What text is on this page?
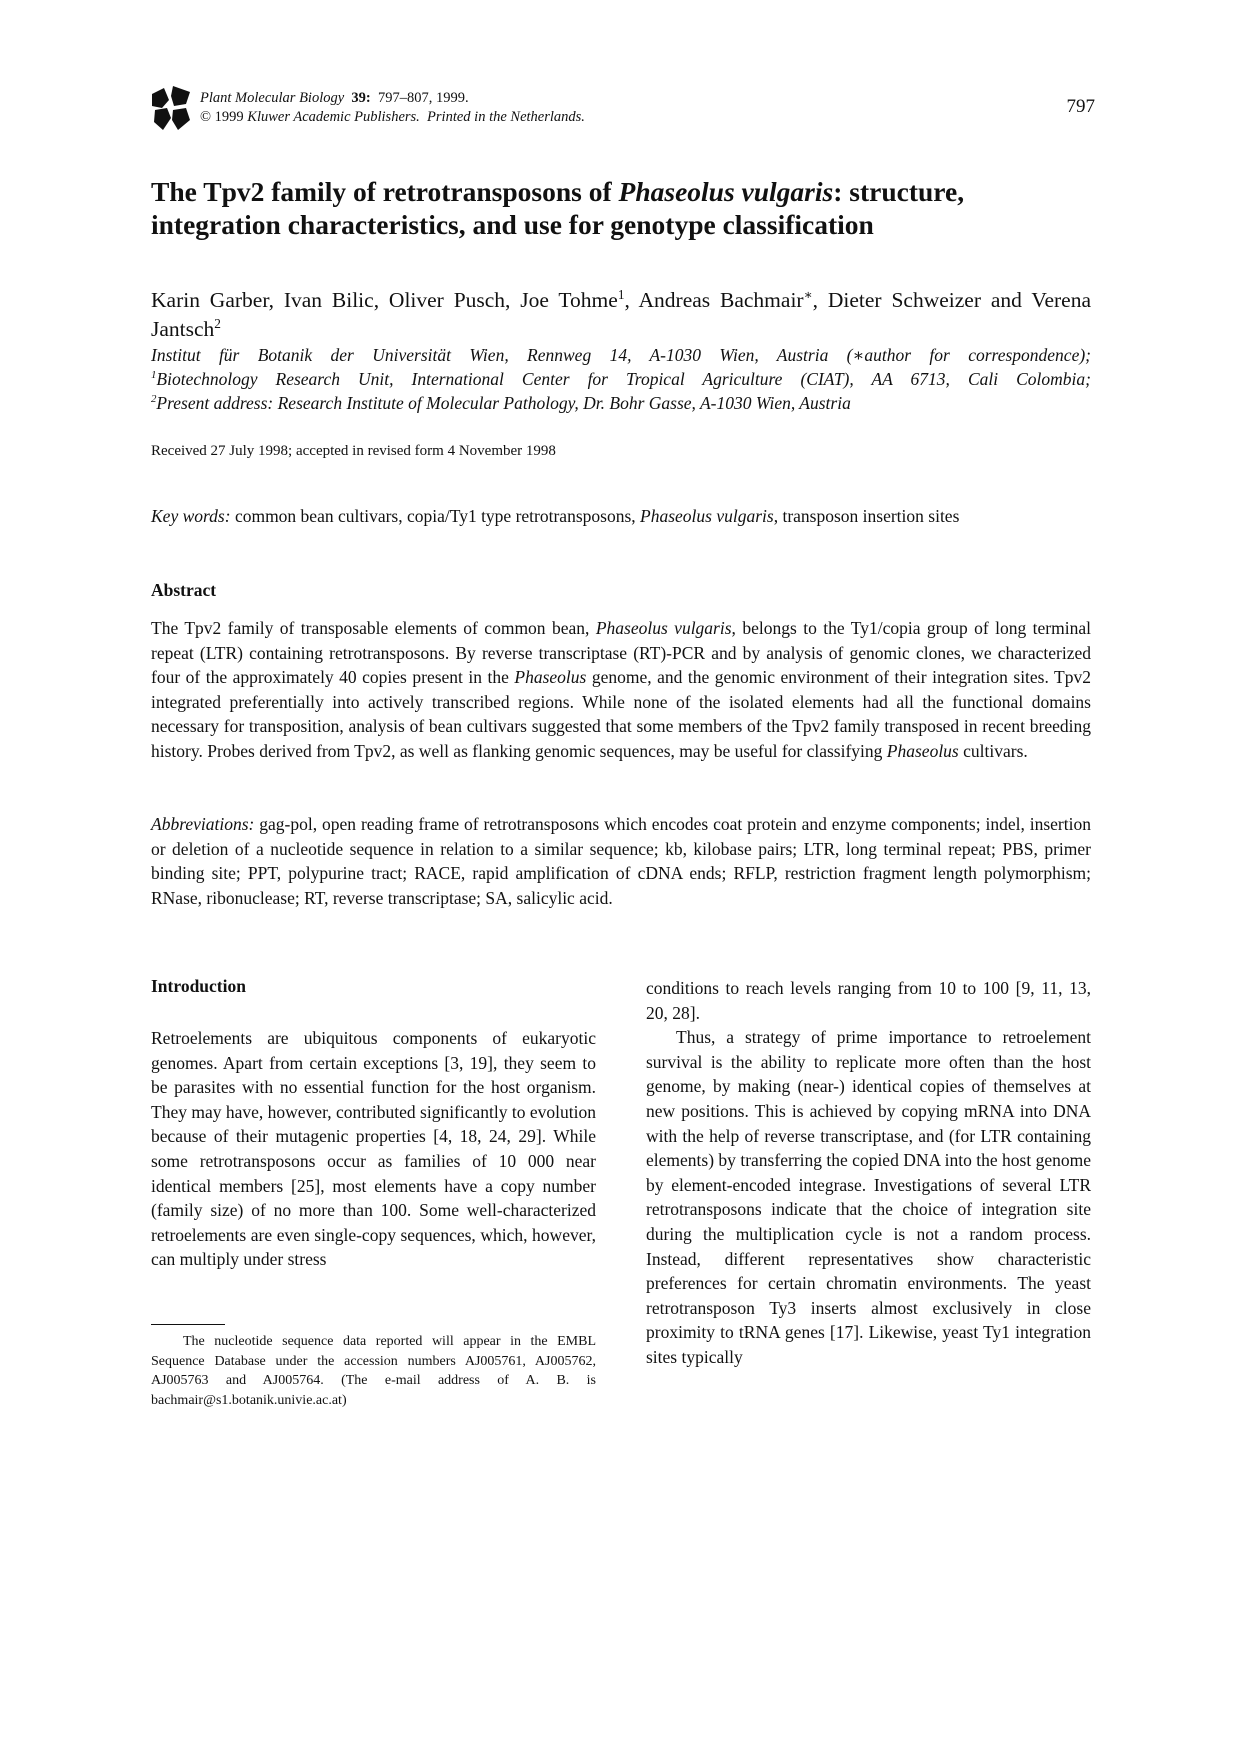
Plant Molecular Biology 39: 797–807, 1999.
© 1999 Kluwer Academic Publishers. Printed in the Netherlands.	797
The Tpv2 family of retrotransposons of Phaseolus vulgaris: structure, integration characteristics, and use for genotype classification
Karin Garber, Ivan Bilic, Oliver Pusch, Joe Tohme$^1$, Andreas Bachmair∗, Dieter Schweizer and Verena Jantsch$^2$
Institut für Botanik der Universität Wien, Rennweg 14, A-1030 Wien, Austria (∗author for correspondence);
$^1$Biotechnology Research Unit, International Center for Tropical Agriculture (CIAT), AA 6713, Cali Colombia;
$^2$Present address: Research Institute of Molecular Pathology, Dr. Bohr Gasse, A-1030 Wien, Austria
Received 27 July 1998; accepted in revised form 4 November 1998
Key words: common bean cultivars, copia/Ty1 type retrotransposons, Phaseolus vulgaris, transposon insertion sites
Abstract
The Tpv2 family of transposable elements of common bean, Phaseolus vulgaris, belongs to the Ty1/copia group of long terminal repeat (LTR) containing retrotransposons. By reverse transcriptase (RT)-PCR and by analysis of genomic clones, we characterized four of the approximately 40 copies present in the Phaseolus genome, and the genomic environment of their integration sites. Tpv2 integrated preferentially into actively transcribed regions. While none of the isolated elements had all the functional domains necessary for transposition, analysis of bean cultivars suggested that some members of the Tpv2 family transposed in recent breeding history. Probes derived from Tpv2, as well as flanking genomic sequences, may be useful for classifying Phaseolus cultivars.
Abbreviations: gag-pol, open reading frame of retrotransposons which encodes coat protein and enzyme components; indel, insertion or deletion of a nucleotide sequence in relation to a similar sequence; kb, kilobase pairs; LTR, long terminal repeat; PBS, primer binding site; PPT, polypurine tract; RACE, rapid amplification of cDNA ends; RFLP, restriction fragment length polymorphism; RNase, ribonuclease; RT, reverse transcriptase; SA, salicylic acid.
Introduction

Retroelements are ubiquitous components of eukaryotic genomes. Apart from certain exceptions [3, 19], they seem to be parasites with no essential function for the host organism. They may have, however, contributed significantly to evolution because of their mutagenic properties [4, 18, 24, 29]. While some retrotransposons occur as families of 10 000 near identical members [25], most elements have a copy number (family size) of no more than 100. Some well-characterized retroelements are even single-copy sequences, which, however, can multiply under stress

conditions to reach levels ranging from 10 to 100 [9, 11, 13, 20, 28].

Thus, a strategy of prime importance to retroelement survival is the ability to replicate more often than the host genome, by making (near-) identical copies of themselves at new positions. This is achieved by copying mRNA into DNA with the help of reverse transcriptase, and (for LTR containing elements) by transferring the copied DNA into the host genome by element-encoded integrase. Investigations of several LTR retrotransposons indicate that the choice of integration site during the multiplication cycle is not a random process. Instead, different representatives show characteristic preferences for certain chromatin environments. The yeast retrotransposon Ty3 inserts almost exclusively in close proximity to tRNA genes [17]. Likewise, yeast Ty1 integration sites typically

The nucleotide sequence data reported will appear in the EMBL Sequence Database under the accession numbers AJ005761, AJ005762, AJ005763 and AJ005764. (The e-mail address of A. B. is bachmair@s1.botanik.univie.ac.at)
